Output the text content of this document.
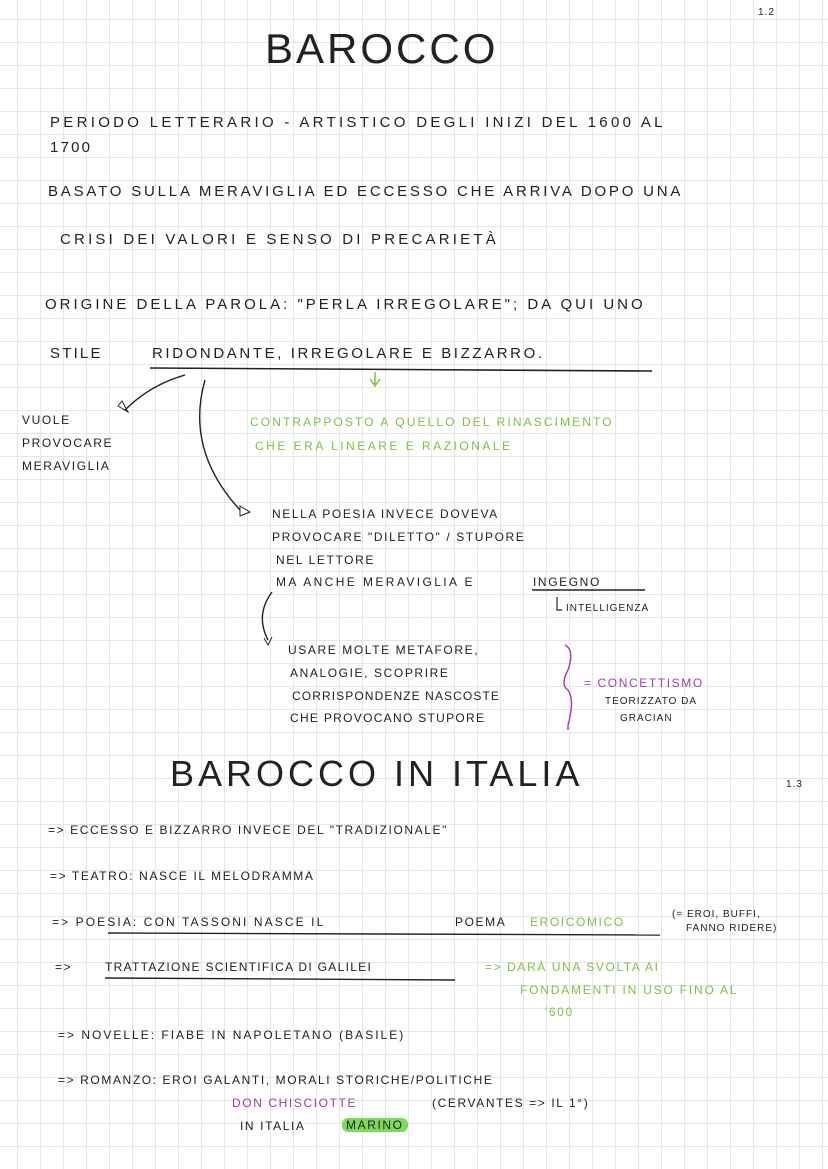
1.2
BAROCCO
PERIODO LETTERARIO - ARTISTICO DEGLI INIZI DEL 1600 AL
1700
BASATO SULLA MERAVIGLIA ED ECCESSO CHE ARRIVA DOPO UNA
CRISI DEI VALORI E SENSO DI PRECARIETÀ
ORIGINE DELLA PAROLA: "PERLA IRREGOLARE"; DA QUI UNO
STILE	RIDONDANTE, IRREGOLARE E BIZZARRO.
VUOLE
PROVOCARE
MERAVIGLIA
CONTRAPPOSTO A QUELLO DEL RINASCIMENTO
CHE ERA LINEARE E RAZIONALE
NELLA POESIA INVECE DOVEVA
PROVOCARE "DILETTO" / STUPORE
NEL LETTORE
MA ANCHE MERAVIGLIA E	INGEGNO
INTELLIGENZA
USARE MOLTE METAFORE,
ANALOGIE, SCOPRIRE
CORRISPONDENZE NASCOSTE
CHE PROVOCANO STUPORE
= CONCETTISMO
TEORIZZATO DA
GRACIAN
BAROCCO IN ITALIA	1.3
=> ECCESSO E BIZZARRO INVECE DEL "TRADIZIONALE"
=> TEATRO: NASCE IL MELODRAMMA
=> POESIA: CON TASSONI NASCE IL	POEMA EROICOMICO
(= EROI, BUFFI,
FANNO RIDERE)
=>	TRATTAZIONE SCIENTIFICA DI GALILEI	=> DARÀ UNA SVOLTA AI
FONDAMENTI IN USO FINO AL
'600
=> NOVELLE: FIABE IN NAPOLETANO (BASILE)
=> ROMANZO: EROI GALANTI, MORALI STORICHE/POLITICHE
DON CHISCIOTTE	(CERVANTES => IL 1°)
IN ITALIA	MARINO
